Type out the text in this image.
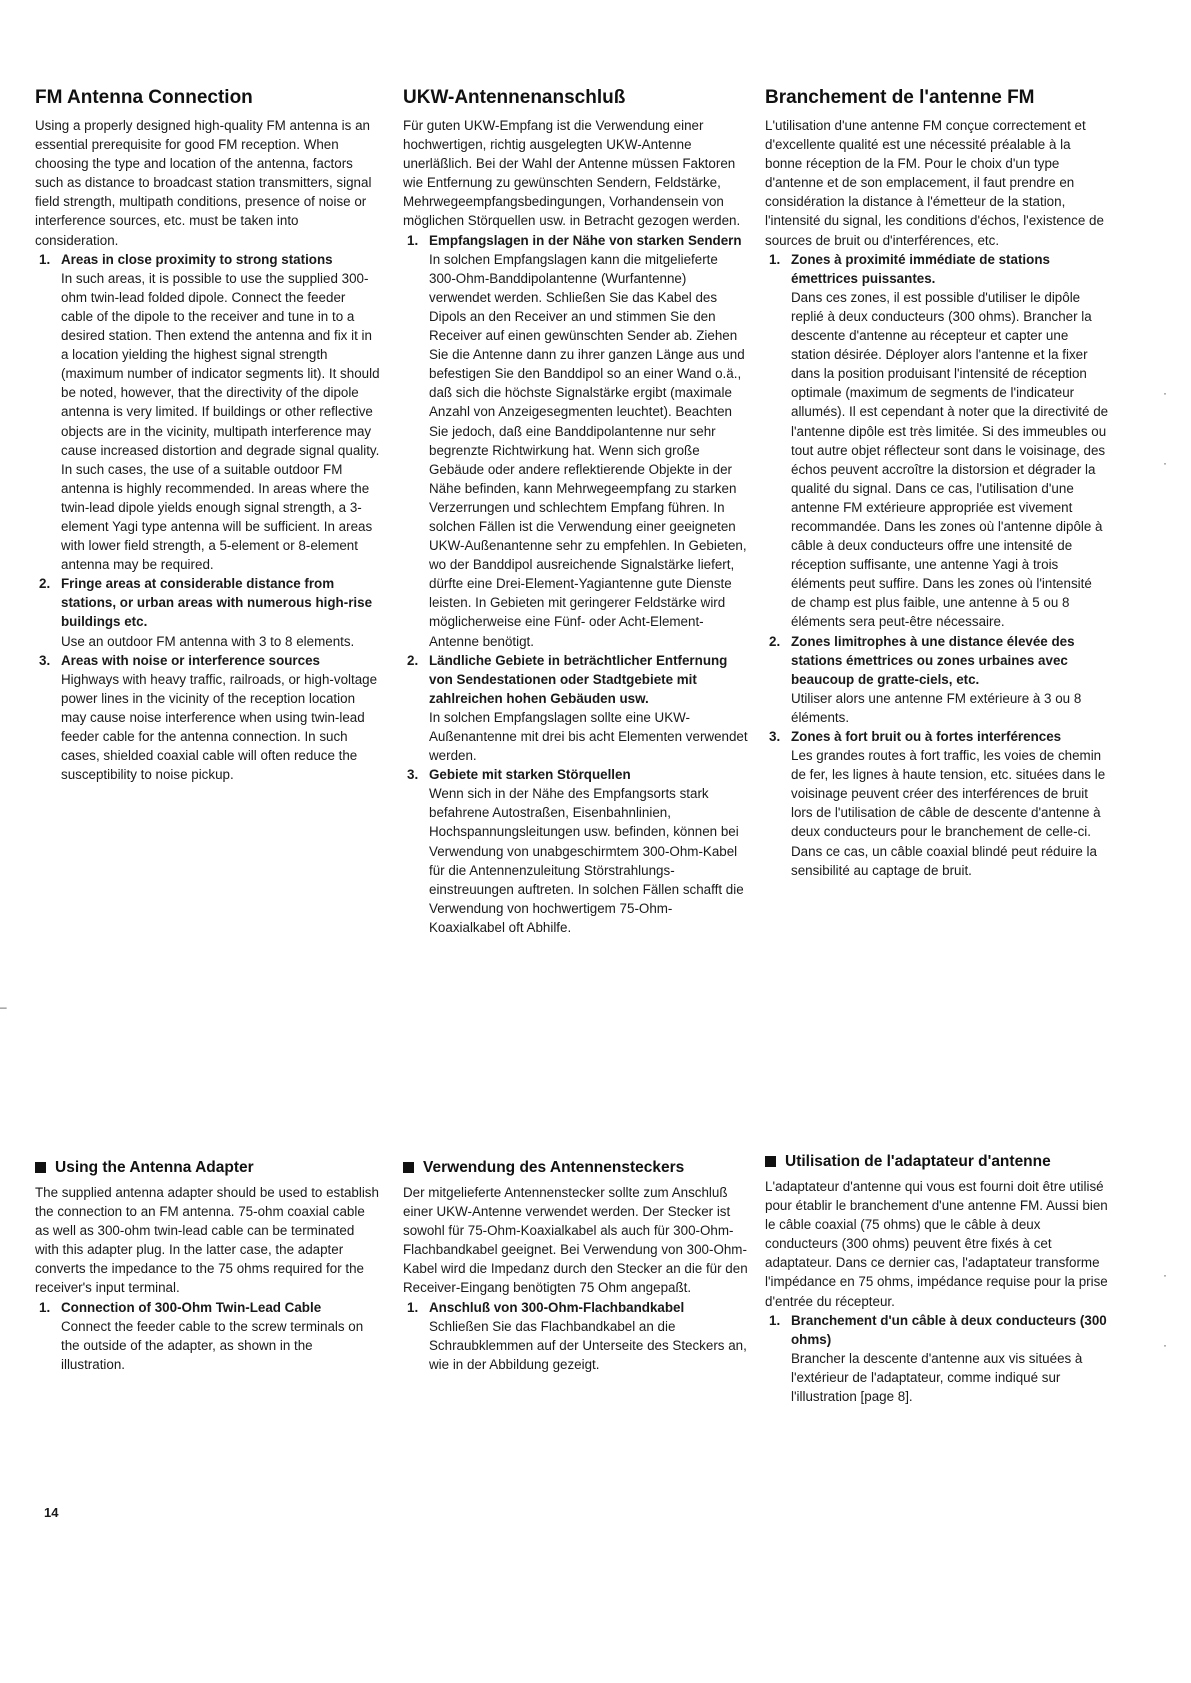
FM Antenna Connection

Using a properly designed high-quality FM antenna is an essential prerequisite for good FM reception. When choosing the type and location of the antenna, factors such as distance to broadcast station transmitters, signal field strength, multipath conditions, presence of noise or interference sources, etc. must be taken into consideration.

1. Areas in close proximity to strong stations
In such areas, it is possible to use the supplied 300-ohm twin-lead folded dipole. Connect the feeder cable of the dipole to the receiver and tune in to a desired station. Then extend the antenna and fix it in a location yielding the highest signal strength (maximum number of indicator segments lit). It should be noted, however, that the directivity of the dipole antenna is very limited. If buildings or other reflective objects are in the vicinity, multipath interference may cause increased distortion and degrade signal quality. In such cases, the use of a suitable outdoor FM antenna is highly recommended. In areas where the twin-lead dipole yields enough signal strength, a 3-element Yagi type antenna will be sufficient. In areas with lower field strength, a 5-element or 8-element antenna may be required.
2. Fringe areas at considerable distance from stations, or urban areas with numerous high-rise buildings etc.
Use an outdoor FM antenna with 3 to 8 elements.
3. Areas with noise or interference sources
Highways with heavy traffic, railroads, or high-voltage power lines in the vicinity of the reception location may cause noise interference when using twin-lead feeder cable for the antenna connection. In such cases, shielded coaxial cable will often reduce the susceptibility to noise pickup.
Using the Antenna Adapter

The supplied antenna adapter should be used to establish the connection to an FM antenna. 75-ohm coaxial cable as well as 300-ohm twin-lead cable can be terminated with this adapter plug. In the latter case, the adapter converts the impedance to the 75 ohms required for the receiver's input terminal.

1. Connection of 300-Ohm Twin-Lead Cable
Connect the feeder cable to the screw terminals on the outside of the adapter, as shown in the illustration.
UKW-Antennenanschluß

Für guten UKW-Empfang ist die Verwendung einer hochwertigen, richtig ausgelegten UKW-Antenne unerläßlich. Bei der Wahl der Antenne müssen Faktoren wie Entfernung zu gewünschten Sendern, Feldstärke, Mehrwegeempfangsbedingungen, Vorhandensein von möglichen Störquellen usw. in Betracht gezogen werden.

1. Empfangslagen in der Nähe von starken Sendern
In solchen Empfangslagen kann die mitgelieferte 300-Ohm-Banddipolantenne (Wurfantenne) verwendet werden. Schließen Sie das Kabel des Dipols an den Receiver an und stimmen Sie den Receiver auf einen gewünschten Sender ab. Ziehen Sie die Antenne dann zu ihrer ganzen Länge aus und befestigen Sie den Banddipol so an einer Wand o.ä., daß sich die höchste Signalstärke ergibt (maximale Anzahl von Anzeigesegmenten leuchtet). Beachten Sie jedoch, daß eine Banddipolantenne nur sehr begrenzte Richtwirkung hat. Wenn sich große Gebäude oder andere reflektierende Objekte in der Nähe befinden, kann Mehrwegeempfang zu starken Verzerrungen und schlechtem Empfang führen. In solchen Fällen ist die Verwendung einer geeigneten UKW-Außenantenne sehr zu empfehlen. In Gebieten, wo der Banddipol ausreichende Signalstärke liefert, dürfte eine Drei-Element-Yagiantenne gute Dienste leisten. In Gebieten mit geringerer Feldstärke wird möglicherweise eine Fünf- oder Acht-Element-Antenne benötigt.
2. Ländliche Gebiete in beträchtlicher Entfernung von Sendestationen oder Stadtgebiete mit zahlreichen hohen Gebäuden usw.
In solchen Empfangslagen sollte eine UKW-Außenantenne mit drei bis acht Elementen verwendet werden.
3. Gebiete mit starken Störquellen
Wenn sich in der Nähe des Empfangsorts stark befahrene Autostraßen, Eisenbahnlinien, Hochspannungsleitungen usw. befinden, können bei Verwendung von unabgeschirmtem 300-Ohm-Kabel für die Antennenzuleitung Störstrahlungs-einstreuungen auftreten. In solchen Fällen schafft die Verwendung von hochwertigem 75-Ohm-Koaxialkabel oft Abhilfe.
Verwendung des Antennensteckers

Der mitgelieferte Antennenstecker sollte zum Anschluß einer UKW-Antenne verwendet werden. Der Stecker ist sowohl für 75-Ohm-Koaxialkabel als auch für 300-Ohm-Flachbandkabel geeignet. Bei Verwendung von 300-Ohm-Kabel wird die Impedanz durch den Stecker an die für den Receiver-Eingang benötigten 75 Ohm angepaßt.

1. Anschluß von 300-Ohm-Flachbandkabel
Schließen Sie das Flachbandkabel an die Schraubklemmen auf der Unterseite des Steckers an, wie in der Abbildung gezeigt.
Branchement de l'antenne FM

L'utilisation d'une antenne FM conçue correctement et d'excellente qualité est une nécessité préalable à la bonne réception de la FM. Pour le choix d'un type d'antenne et de son emplacement, il faut prendre en considération la distance à l'émetteur de la station, l'intensité du signal, les conditions d'échos, l'existence de sources de bruit ou d'interférences, etc.

1. Zones à proximité immédiate de stations émettrices puissantes.
Dans ces zones, il est possible d'utiliser le dipôle replié à deux conducteurs (300 ohms). Brancher la descente d'antenne au récepteur et capter une station désirée. Déployer alors l'antenne et la fixer dans la position produisant l'intensité de réception optimale (maximum de segments de l'indicateur allumés). Il est cependant à noter que la directivité de l'antenne dipôle est très limitée. Si des immeubles ou tout autre objet réflecteur sont dans le voisinage, des échos peuvent accroître la distorsion et dégrader la qualité du signal. Dans ce cas, l'utilisation d'une antenne FM extérieure appropriée est vivement recommandée. Dans les zones où l'antenne dipôle à câble à deux conducteurs offre une intensité de réception suffisante, une antenne Yagi à trois éléments peut suffire. Dans les zones où l'intensité de champ est plus faible, une antenne à 5 ou 8 éléments sera peut-être nécessaire.
2. Zones limitrophes à une distance élevée des stations émettrices ou zones urbaines avec beaucoup de gratte-ciels, etc.
Utiliser alors une antenne FM extérieure à 3 ou 8 éléments.
3. Zones à fort bruit ou à fortes interférences
Les grandes routes à fort traffic, les voies de chemin de fer, les lignes à haute tension, etc. situées dans le voisinage peuvent créer des interférences de bruit lors de l'utilisation de câble de descente d'antenne à deux conducteurs pour le branchement de celle-ci. Dans ce cas, un câble coaxial blindé peut réduire la sensibilité au captage de bruit.
Utilisation de l'adaptateur d'antenne

L'adaptateur d'antenne qui vous est fourni doit être utilisé pour établir le branchement d'une antenne FM. Aussi bien le câble coaxial (75 ohms) que le câble à deux conducteurs (300 ohms) peuvent être fixés à cet adaptateur. Dans ce dernier cas, l'adaptateur transforme l'impédance en 75 ohms, impédance requise pour la prise d'entrée du récepteur.

1. Branchement d'un câble à deux conducteurs (300 ohms)
Brancher la descente d'antenne aux vis situées à l'extérieur de l'adaptateur, comme indiqué sur l'illustration [page 8].
14
–
·
·
·
·
